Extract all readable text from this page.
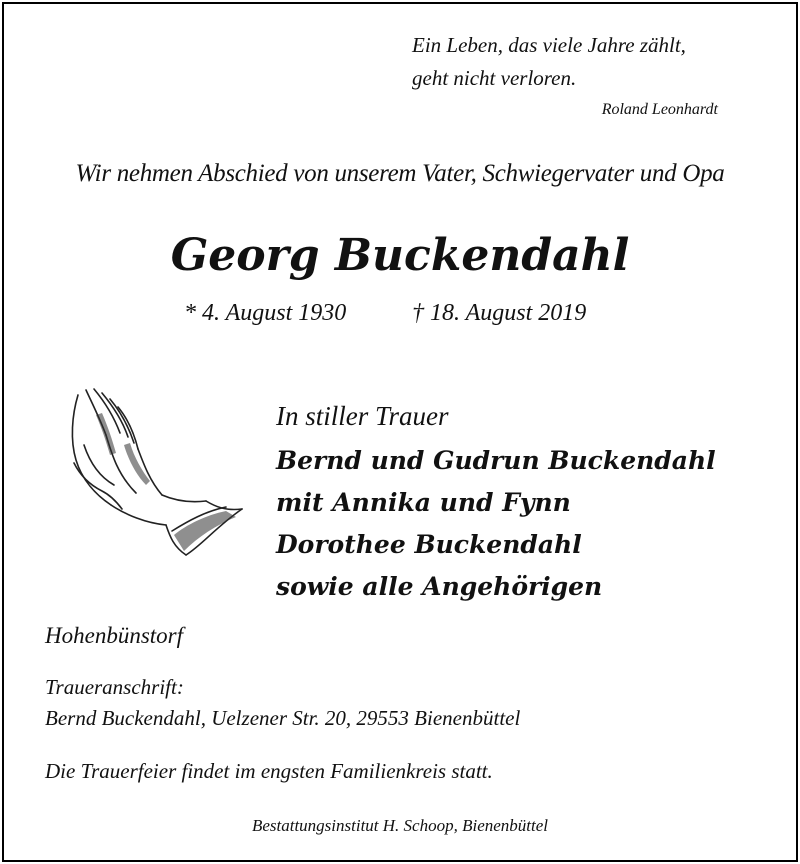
Ein Leben, das viele Jahre zählt,
geht nicht verloren.
Roland Leonhardt
Wir nehmen Abschied von unserem Vater, Schwiegervater und Opa
Georg Buckendahl
* 4. August 1930	† 18. August 2019
In stiller Trauer
Bernd und Gudrun Buckendahl
mit Annika und Fynn
Dorothee Buckendahl
sowie alle Angehörigen
Hohenbünstorf
Traueranschrift:
Bernd Buckendahl, Uelzener Str. 20, 29553 Bienenbüttel
Die Trauerfeier findet im engsten Familienkreis statt.
Bestattungsinstitut H. Schoop, Bienenbüttel
